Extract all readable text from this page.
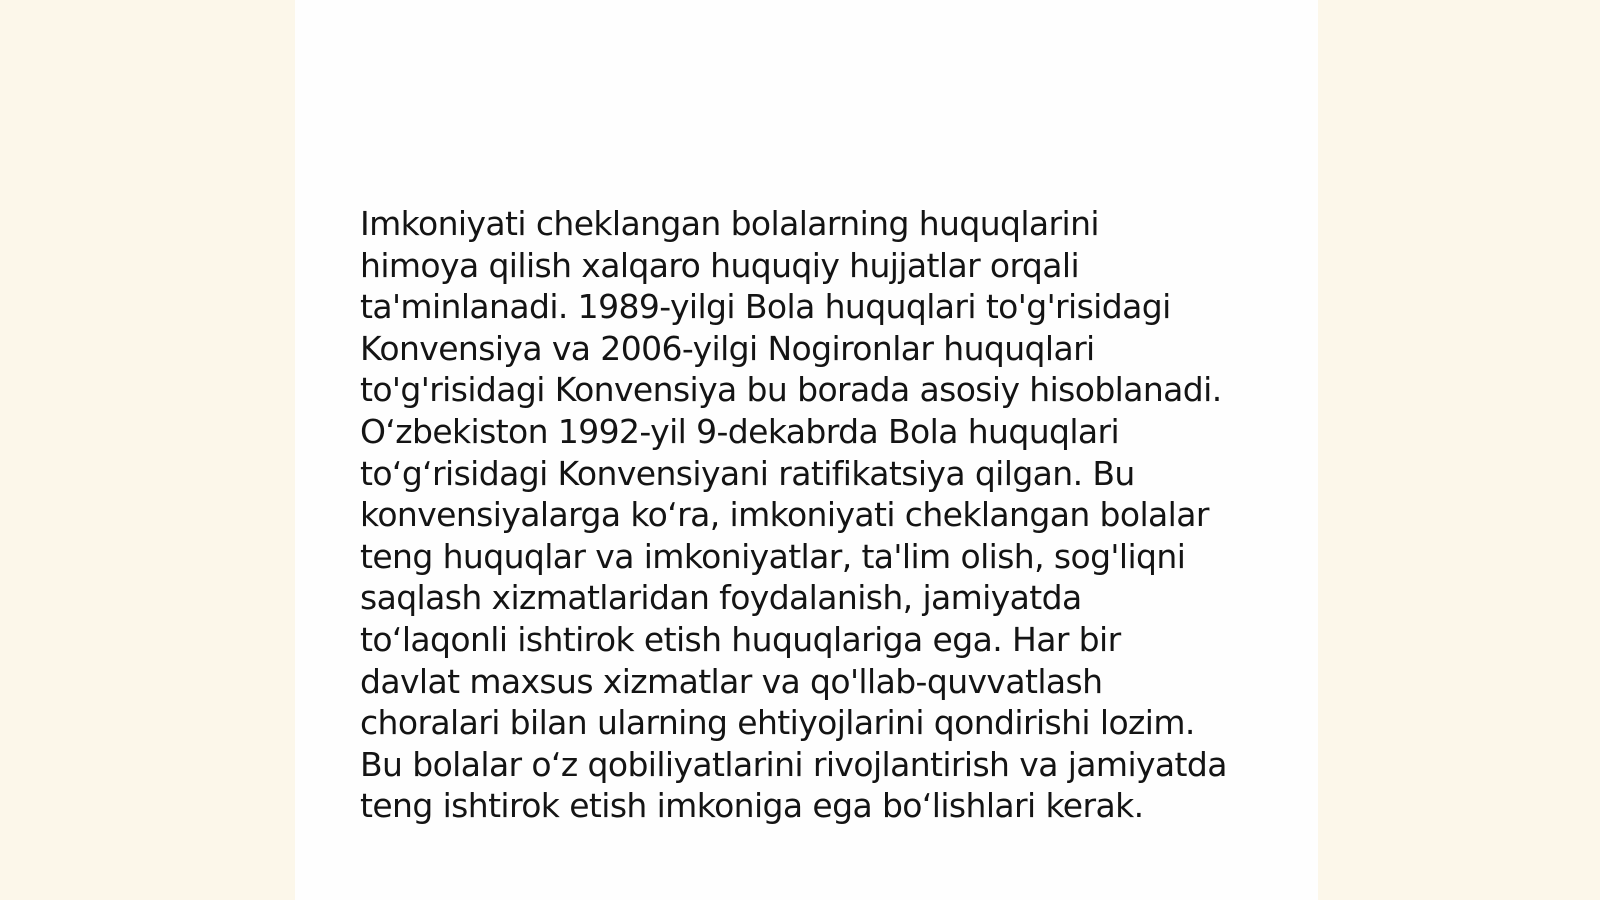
Imkoniyati cheklangan bolalarning huquqlarini
himoya qilish xalqaro huquqiy hujjatlar orqali
ta'minlanadi. 1989-yilgi Bola huquqlari to'g'risidagi
Konvensiya va 2006-yilgi Nogironlar huquqlari
to'g'risidagi Konvensiya bu borada asosiy hisoblanadi.
Oʻzbekiston 1992-yil 9-dekabrda Bola huquqlari
toʻgʻrisidagi Konvensiyani ratifikatsiya qilgan. Bu
konvensiyalarga koʻra, imkoniyati cheklangan bolalar
teng huquqlar va imkoniyatlar, ta'lim olish, sog'liqni
saqlash xizmatlaridan foydalanish, jamiyatda
toʻlaqonli ishtirok etish huquqlariga ega. Har bir
davlat maxsus xizmatlar va qo'llab-quvvatlash
choralari bilan ularning ehtiyojlarini qondirishi lozim.
Bu bolalar oʻz qobiliyatlarini rivojlantirish va jamiyatda
teng ishtirok etish imkoniga ega boʻlishlari kerak.
